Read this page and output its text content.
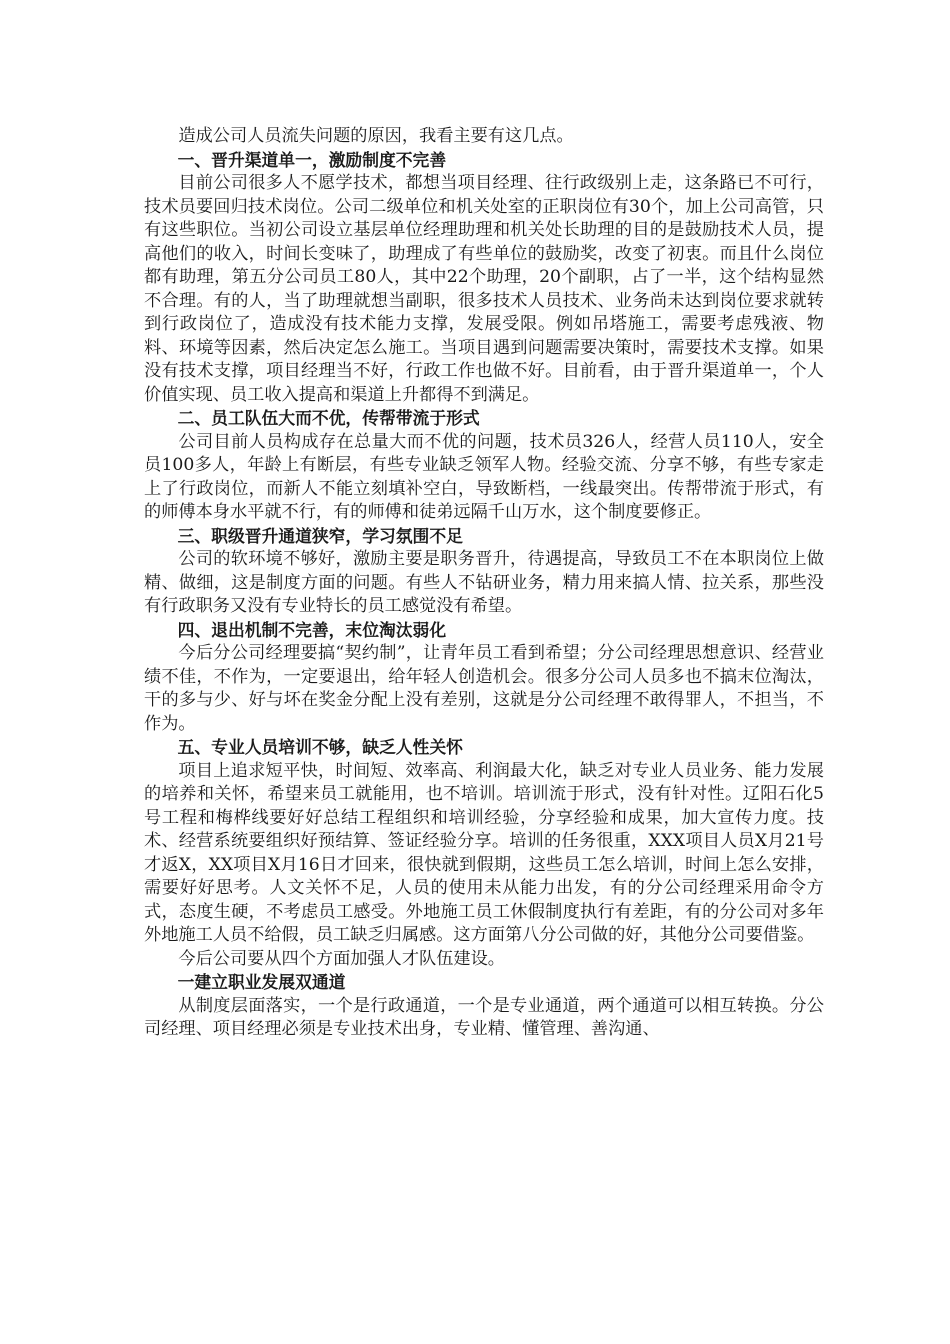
造成公司人员流失问题的原因，我看主要有这几点。

一、晋升渠道单一，激励制度不完善

目前公司很多人不愿学技术，都想当项目经理、往行政级别上走，这条路已不可行，技术员要回归技术岗位。公司二级单位和机关处室的正职岗位有30个，加上公司高管，只有这些职位。当初公司设立基层单位经理助理和机关处长助理的目的是鼓励技术人员，提高他们的收入，时间长变味了，助理成了有些单位的鼓励奖，改变了初衷。而且什么岗位都有助理，第五分公司员工80人，其中22个助理，20个副职，占了一半，这个结构显然不合理。有的人，当了助理就想当副职，很多技术人员技术、业务尚未达到岗位要求就转到行政岗位了，造成没有技术能力支撑，发展受限。例如吊塔施工，需要考虑残液、物料、环境等因素，然后决定怎么施工。当项目遇到问题需要决策时，需要技术支撑。如果没有技术支撑，项目经理当不好，行政工作也做不好。目前看，由于晋升渠道单一，个人价值实现、员工收入提高和渠道上升都得不到满足。

二、员工队伍大而不优，传帮带流于形式

公司目前人员构成存在总量大而不优的问题，技术员326人，经营人员110人，安全员100多人，年龄上有断层，有些专业缺乏领军人物。经验交流、分享不够，有些专家走上了行政岗位，而新人不能立刻填补空白，导致断档，一线最突出。传帮带流于形式，有的师傅本身水平就不行，有的师傅和徒弟远隔千山万水，这个制度要修正。

三、职级晋升通道狭窄，学习氛围不足

公司的软环境不够好，激励主要是职务晋升，待遇提高，导致员工不在本职岗位上做精、做细，这是制度方面的问题。有些人不钻研业务，精力用来搞人情、拉关系，那些没有行政职务又没有专业特长的员工感觉没有希望。

四、退出机制不完善，末位淘汰弱化

今后分公司经理要搞“契约制”，让青年员工看到希望；分公司经理思想意识、经营业绩不佳，不作为，一定要退出，给年轻人创造机会。很多分公司人员多也不搞末位淘汰，干的多与少、好与坏在奖金分配上没有差别，这就是分公司经理不敢得罪人，不担当，不作为。

五、专业人员培训不够，缺乏人性关怀

项目上追求短平快，时间短、效率高、利润最大化，缺乏对专业人员业务、能力发展的培养和关怀，希望来员工就能用，也不培训。培训流于形式，没有针对性。辽阳石化5号工程和梅桦线要好好总结工程组织和培训经验，分享经验和成果，加大宣传力度。技术、经营系统要组织好预结算、签证经验分享。培训的任务很重，XXX项目人员X月21号才返X，XX项目X月16日才回来，很快就到假期，这些员工怎么培训，时间上怎么安排，需要好好思考。人文关怀不足，人员的使用未从能力出发，有的分公司经理采用命令方式，态度生硬，不考虑员工感受。外地施工员工休假制度执行有差距，有的分公司对多年外地施工人员不给假，员工缺乏归属感。这方面第八分公司做的好，其他分公司要借鉴。

今后公司要从四个方面加强人才队伍建设。

一建立职业发展双通道

从制度层面落实，一个是行政通道，一个是专业通道，两个通道可以相互转换。分公司经理、项目经理必须是专业技术出身，专业精、懂管理、善沟通、
